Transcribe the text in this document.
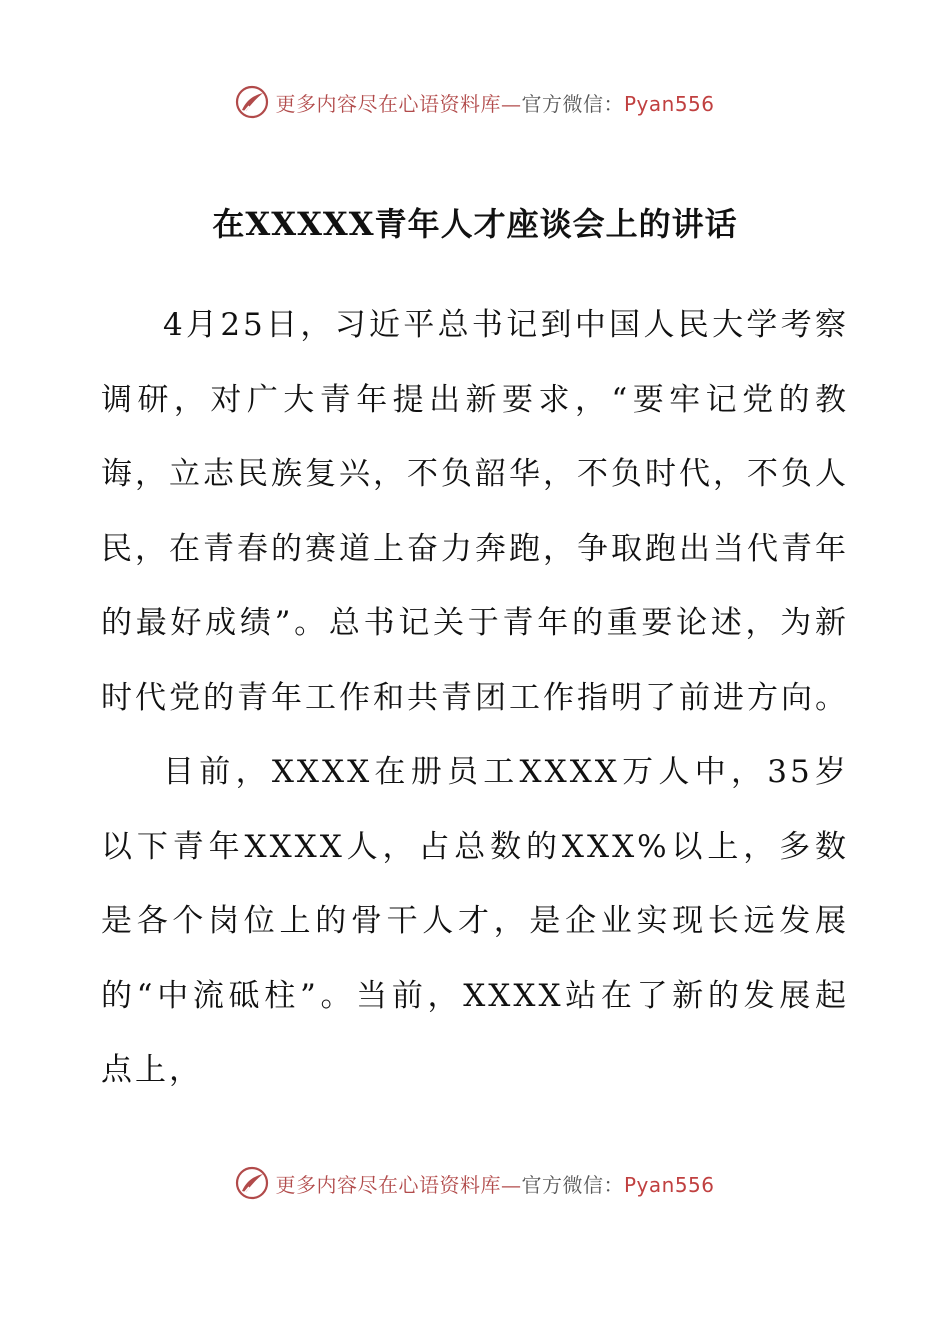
更多内容尽在心语资料库—官方微信：Pyan556
在XXXXX青年人才座谈会上的讲话

4月25日，习近平总书记到中国人民大学考察调研，对广大青年提出新要求，“要牢记党的教诲，立志民族复兴，不负韶华，不负时代，不负人民，在青春的赛道上奋力奔跑，争取跑出当代青年的最好成绩”。总书记关于青年的重要论述，为新时代党的青年工作和共青团工作指明了前进方向。

目前，XXXX在册员工XXXX万人中，35岁以下青年XXXX人，占总数的XXX%以上，多数是各个岗位上的骨干人才，是企业实现长远发展的“中流砥柱”。当前，XXXX站在了新的发展起点上，

更多内容尽在心语资料库—官方微信：Pyan556
